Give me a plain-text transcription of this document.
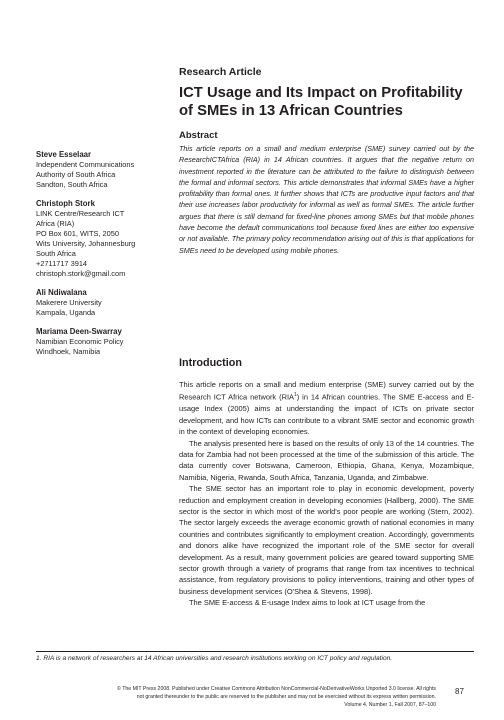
Steve Esselaar
Independent Communications
Authority of South Africa
Sandton, South Africa
Christoph Stork
LINK Centre/Research ICT
Africa (RIA)
PO Box 601, WITS, 2050
Wits University, Johannesburg
South Africa
+2711717 3914
christoph.stork@gmail.com
Ali Ndiwalana
Makerere University
Kampala, Uganda
Mariama Deen-Swarray
Namibian Economic Policy
Windhoek, Namibia
Research Article
ICT Usage and Its Impact on Profitability of SMEs in 13 African Countries
Abstract

This article reports on a small and medium enterprise (SME) survey carried out by the ResearchICTAfrica (RIA) in 14 African countries. It argues that the negative return on investment reported in the literature can be attributed to the failure to distinguish between the formal and informal sectors. This article demonstrates that informal SMEs have a higher profitability than formal ones. It further shows that ICTs are productive input factors and that their use increases labor productivity for informal as well as formal SMEs. The article further argues that there is still demand for fixed-line phones among SMEs but that mobile phones have become the default communications tool because fixed lines are either too expensive or not available. The primary policy recommendation arising out of this is that applications for SMEs need to be developed using mobile phones.

Introduction

This article reports on a small and medium enterprise (SME) survey carried out by the Research ICT Africa network (RIA$^1$) in 14 African countries. The SME E-access and E-usage Index (2005) aims at understanding the impact of ICTs on private sector development, and how ICTs can contribute to a vibrant SME sector and economic growth in the context of developing economies.

The analysis presented here is based on the results of only 13 of the 14 countries. The data for Zambia had not been processed at the time of the submission of this article. The data currently cover Botswana, Cameroon, Ethiopia, Ghana, Kenya, Mozambique, Namibia, Nigeria, Rwanda, South Africa, Tanzania, Uganda, and Zimbabwe.

The SME sector has an important role to play in economic development, poverty reduction and employment creation in developing economies (Hallberg, 2000). The SME sector is the sector in which most of the world's poor people are working (Stern, 2002). The sector largely exceeds the average economic growth of national economies in many countries and contributes significantly to employment creation. Accordingly, governments and donors alike have recognized the important role of the SME sector for overall development. As a result, many government policies are geared toward supporting SME sector growth through a variety of programs that range from tax incentives to technical assistance, from regulatory provisions to policy interventions, training and other types of business development services (O'Shea & Stevens, 1998).

The SME E-access & E-usage Index aims to look at ICT usage from the

1. RIA is a network of researchers at 14 African universities and research institutions working on ICT policy and regulation.
© The MIT Press 2008. Published under Creative Commons Attribution NonCommercial-NoDerivativeWorks Unported 3.0 license. All rights
not granted thereunder to the public are reserved to the publisher and may not be exercised without its express written permission.
Volume 4, Number 1, Fall 2007, 87–100
87
